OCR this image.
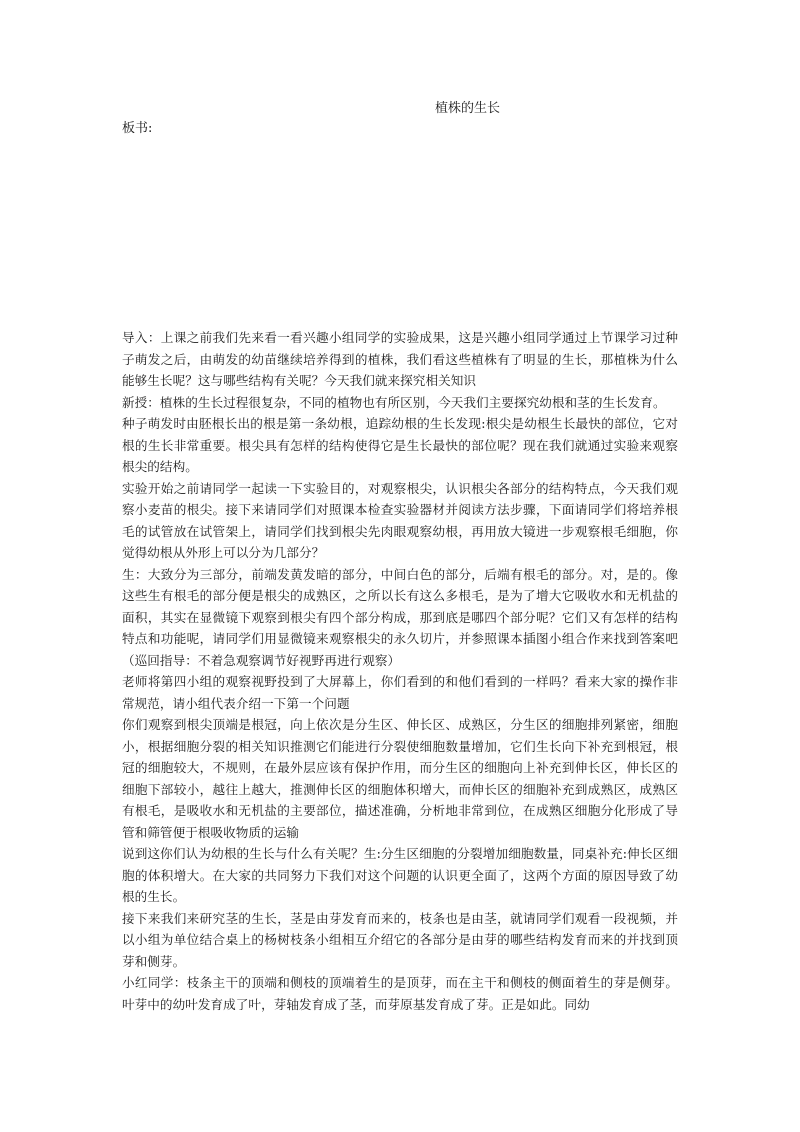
植株的生长
板书:

导入：上课之前我们先来看一看兴趣小组同学的实验成果，这是兴趣小组同学通过上节课学习过种子萌发之后，由萌发的幼苗继续培养得到的植株，我们看这些植株有了明显的生长，那植株为什么能够生长呢？这与哪些结构有关呢？今天我们就来探究相关知识

新授：植株的生长过程很复杂，不同的植物也有所区别，今天我们主要探究幼根和茎的生长发育。

种子萌发时由胚根长出的根是第一条幼根，追踪幼根的生长发现:根尖是幼根生长最快的部位，它对根的生长非常重要。根尖具有怎样的结构使得它是生长最快的部位呢？现在我们就通过实验来观察根尖的结构。

实验开始之前请同学一起读一下实验目的，对观察根尖，认识根尖各部分的结构特点，今天我们观察小麦苗的根尖。接下来请同学们对照课本检查实验器材并阅读方法步骤，下面请同学们将培养根毛的试管放在试管架上，请同学们找到根尖先肉眼观察幼根，再用放大镜进一步观察根毛细胞，你觉得幼根从外形上可以分为几部分？

生：大致分为三部分，前端发黄发暗的部分，中间白色的部分，后端有根毛的部分。对，是的。像这些生有根毛的部分便是根尖的成熟区，之所以长有这么多根毛，是为了增大它吸收水和无机盐的面积，其实在显微镜下观察到根尖有四个部分构成，那到底是哪四个部分呢？它们又有怎样的结构特点和功能呢，请同学们用显微镜来观察根尖的永久切片，并参照课本插图小组合作来找到答案吧（巡回指导：不着急观察调节好视野再进行观察）

老师将第四小组的观察视野投到了大屏幕上，你们看到的和他们看到的一样吗？看来大家的操作非常规范，请小组代表介绍一下第一个问题

你们观察到根尖顶端是根冠，向上依次是分生区、伸长区、成熟区，分生区的细胞排列紧密，细胞小，根据细胞分裂的相关知识推测它们能进行分裂使细胞数量增加，它们生长向下补充到根冠，根冠的细胞较大，不规则，在最外层应该有保护作用，而分生区的细胞向上补充到伸长区，伸长区的细胞下部较小，越往上越大，推测伸长区的细胞体积增大，而伸长区的细胞补充到成熟区，成熟区有根毛，是吸收水和无机盐的主要部位，描述准确，分析地非常到位，在成熟区细胞分化形成了导管和筛管便于根吸收物质的运输

说到这你们认为幼根的生长与什么有关呢？生:分生区细胞的分裂增加细胞数量，同桌补充:伸长区细胞的体积增大。在大家的共同努力下我们对这个问题的认识更全面了，这两个方面的原因导致了幼根的生长。

接下来我们来研究茎的生长，茎是由芽发育而来的，枝条也是由茎，就请同学们观看一段视频，并以小组为单位结合桌上的杨树枝条小组相互介绍它的各部分是由芽的哪些结构发育而来的并找到顶芽和侧芽。

小红同学：枝条主干的顶端和侧枝的顶端着生的是顶芽，而在主干和侧枝的侧面着生的芽是侧芽。叶芽中的幼叶发育成了叶，芽轴发育成了茎，而芽原基发育成了芽。正是如此。同幼
